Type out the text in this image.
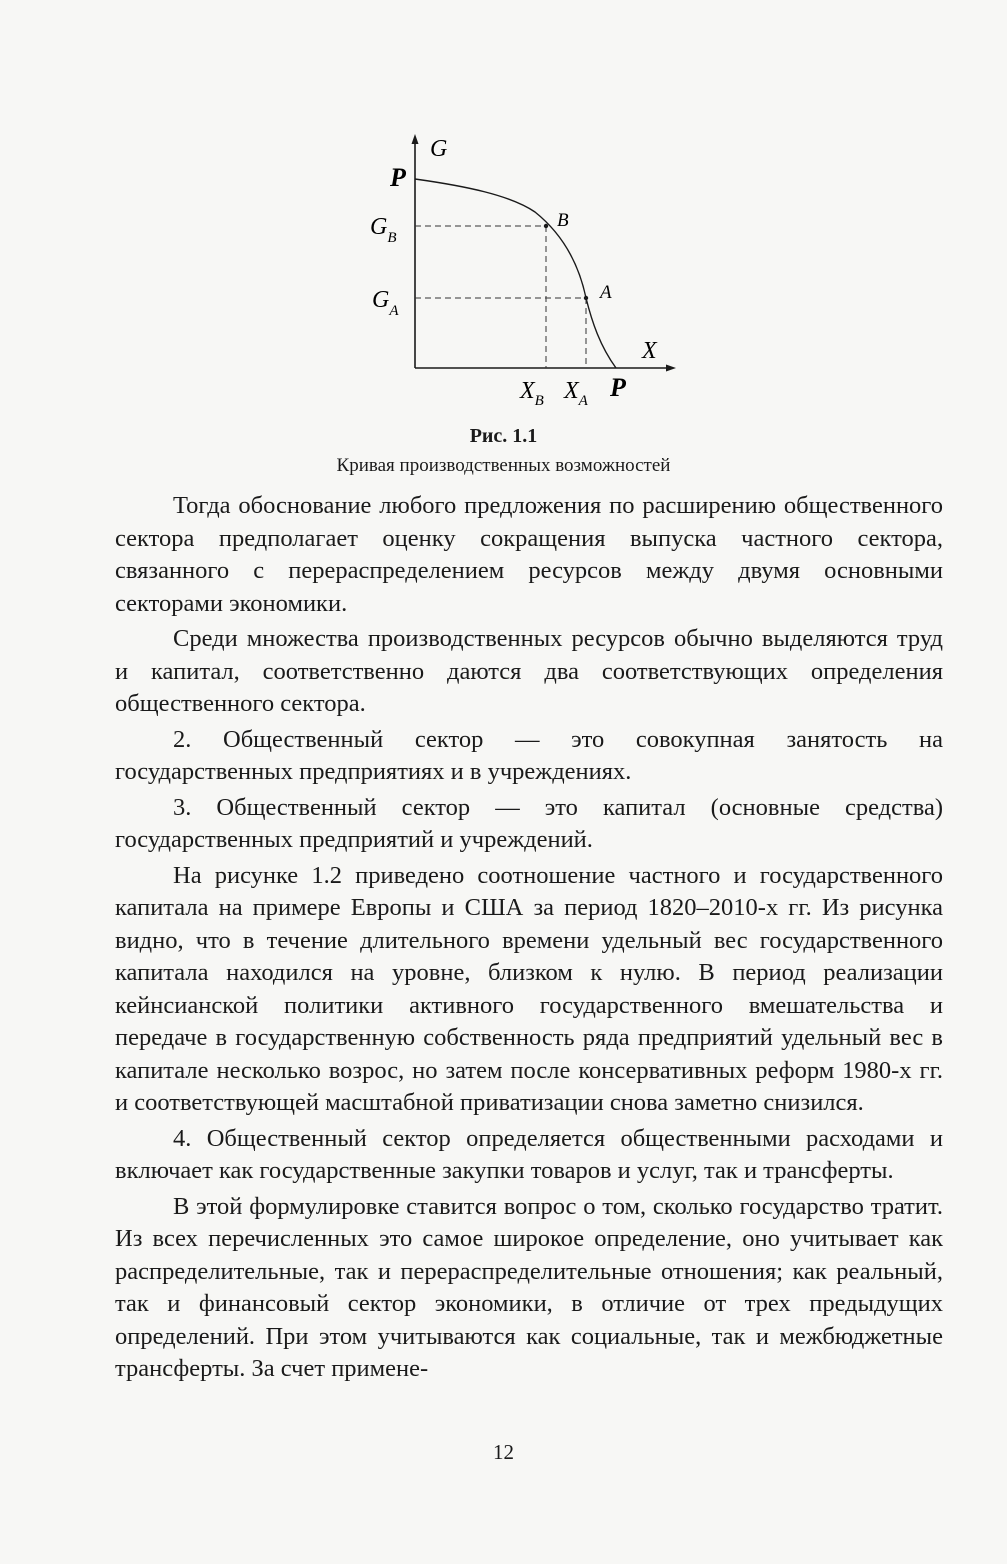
G
P
$G_B$
$G_A$
B
A
X
$X_B$ $X_A$ P
Рис. 1.1
Кривая производственных возможностей

Тогда обоснование любого предложения по расширению общественного сектора предполагает оценку сокращения выпуска частного сектора, связанного с перераспределением ресурсов между двумя основными секторами экономики.

Среди множества производственных ресурсов обычно выделяются труд и капитал, соответственно даются два соответствующих определения общественного сектора.

2. Общественный сектор — это совокупная занятость на государственных предприятиях и в учреждениях.

3. Общественный сектор — это капитал (основные средства) государственных предприятий и учреждений.

На рисунке 1.2 приведено соотношение частного и государственного капитала на примере Европы и США за период 1820–2010-х гг. Из рисунка видно, что в течение длительного времени удельный вес государственного капитала находился на уровне, близком к нулю. В период реализации кейнсианской политики активного государственного вмешательства и передаче в государственную собственность ряда предприятий удельный вес в капитале несколько возрос, но затем после консервативных реформ 1980-х гг. и соответствующей масштабной приватизации снова заметно снизился.

4. Общественный сектор определяется общественными расходами и включает как государственные закупки товаров и услуг, так и трансферты.

В этой формулировке ставится вопрос о том, сколько государство тратит. Из всех перечисленных это самое широкое определение, оно учитывает как распределительные, так и перераспределительные отношения; как реальный, так и финансовый сектор экономики, в отличие от трех предыдущих определений. При этом учитываются как социальные, так и межбюджетные трансферты. За счет примене-

12
